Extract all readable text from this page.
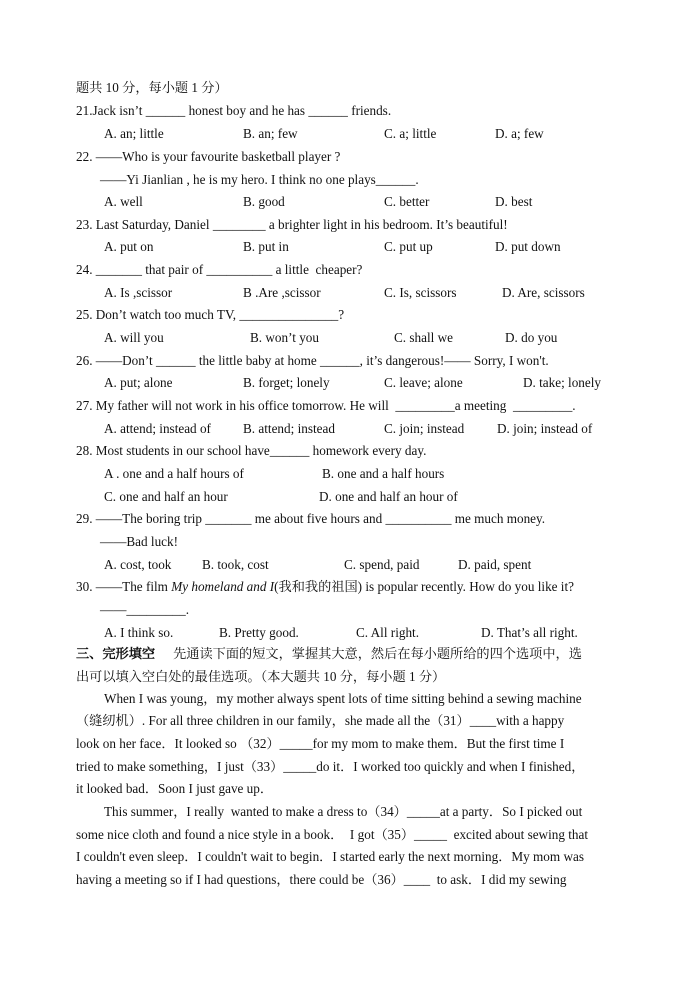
题共 10 分，每小题 1 分）
21.Jack isn’t ______ honest boy and he has ______ friends.
A. an; little	B. an; few	C. a; little	D. a; few
22. ——Who is your favourite basketball player ?
——Yi Jianlian , he is my hero. I think no one plays______.
A. well	B. good	C. better	D. best
23. Last Saturday, Daniel ________ a brighter light in his bedroom. It’s beautiful!
A. put on	B. put in	C. put up	D. put down
24. _______ that pair of __________ a little  cheaper?
A. Is ,scissor	B .Are ,scissor	C. Is, scissors	D. Are, scissors
25. Don’t watch too much TV, _______________?
A. will you	B. won’t you	C. shall we	D. do you
26. ——Don’t ______ the little baby at home ______, it’s dangerous!—— Sorry, I won't.
A. put; alone	B. forget; lonely	C. leave; alone	D. take; lonely
27. My father will not work in his office tomorrow. He will  _________a meeting  _________.
A. attend; instead of B. attend; instead	C. join; instead D. join; instead of
28. Most students in our school have______ homework every day.
A . one and a half hours of	B. one and a half hours
C. one and half an hour	D. one and half an hour of
29. ——The boring trip _______ me about five hours and __________ me much money.
——Bad luck!
A. cost, took B. took, cost	C. spend, paid	D. paid, spent
30. ——The film My homeland and I(我和我的祖国) is popular recently. How do you like it?
——_________.
A. I think so.	B. Pretty good.	C. All right.	D. That’s all right.
三、完形填空 先通读下面的短文，掌握其大意，然后在每小题所给的四个选项中，选
出可以填入空白处的最佳选项。（本大题共 10 分，每小题 1 分）
When I was young，my mother always spent lots of time sitting behind a sewing machine
（缝纫机）. For all three children in our family，she made all the（31）____with a happy
look on her face．It looked so （32）_____for my mom to make them．But the first time I
tried to make something，I just（33）_____do it．I worked too quickly and when I finished，
it looked bad．Soon I just gave up．
This summer，I really  wanted to make a dress to（34）_____at a party．So I picked out
some nice cloth and found a nice style in a book．  I got（35）_____  excited about sewing that
I couldn't even sleep．I couldn't wait to begin．I started early the next morning．My mom was
having a meeting so if I had questions，there could be（36）____  to ask．I did my sewing
